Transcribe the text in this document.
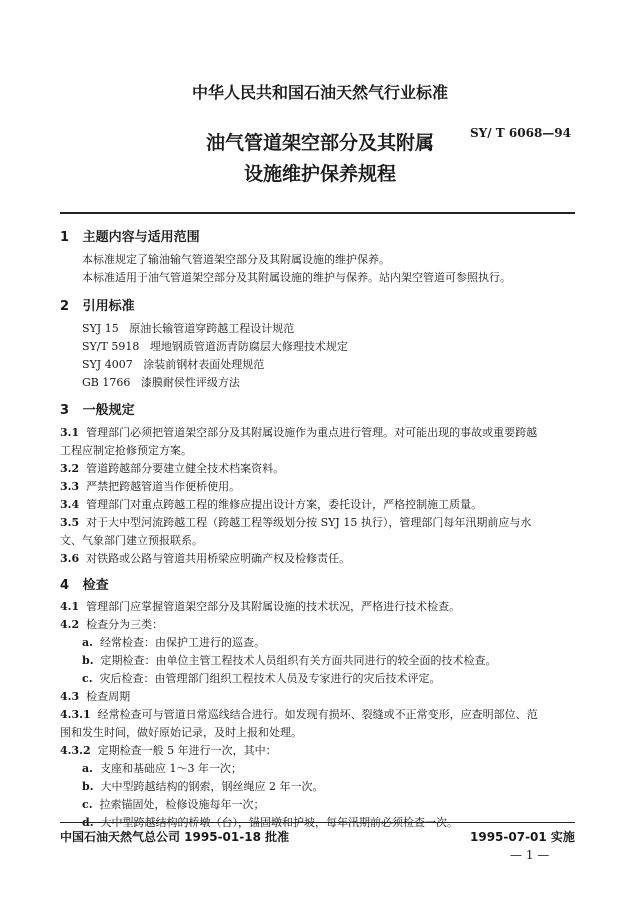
中华人民共和国石油天然气行业标准
SY/ T 6068—94
油气管道架空部分及其附属
设施维护保养规程
1 主题内容与适用范围
本标准规定了输油输气管道架空部分及其附属设施的维护保养。
本标准适用于油气管道架空部分及其附属设施的维护与保养。站内架空管道可参照执行。
2 引用标准
SYJ 15 原油长输管道穿跨越工程设计规范
SY/T 5918 埋地钢质管道沥青防腐层大修理技术规定
SYJ 4007 涂装前钢材表面处理规范
GB 1766 漆膜耐侯性评级方法
3 一般规定
3.1 管理部门必须把管道架空部分及其附属设施作为重点进行管理。对可能出现的事故或重要跨越
工程应制定抢修预定方案。
3.2 管道跨越部分要建立健全技术档案资料。
3.3 严禁把跨越管道当作便桥使用。
3.4 管理部门对重点跨越工程的维修应提出设计方案，委托设计，严格控制施工质量。
3.5 对于大中型河流跨越工程（跨越工程等级划分按 SYJ 15 执行），管理部门每年汛期前应与水
文、气象部门建立预报联系。
3.6 对铁路或公路与管道共用桥梁应明确产权及检修责任。
4 检查
4.1 管理部门应掌握管道架空部分及其附属设施的技术状况，严格进行技术检查。
4.2 检查分为三类：
a. 经常检查：由保护工进行的巡查。
b. 定期检查：由单位主管工程技术人员组织有关方面共同进行的较全面的技术检查。
c. 灾后检查：由管理部门组织工程技术人员及专家进行的灾后技术评定。
4.3 检查周期
4.3.1 经常检查可与管道日常巡线结合进行。如发现有损坏、裂缝或不正常变形，应查明部位、范
围和发生时间，做好原始记录，及时上报和处理。
4.3.2 定期检查一般 5 年进行一次，其中：
a. 支座和基础应 1～3 年一次；
b. 大中型跨越结构的钢索，钢丝绳应 2 年一次。
c. 拉索锚固处，检修设施每年一次；
d. 大中型跨越结构的桥墩（台），锚固墩和护坡，每年汛期前必须检查一次。
中国石油天然气总公司 1995-01-18 批准	1995-07-01 实施
— 1 —
